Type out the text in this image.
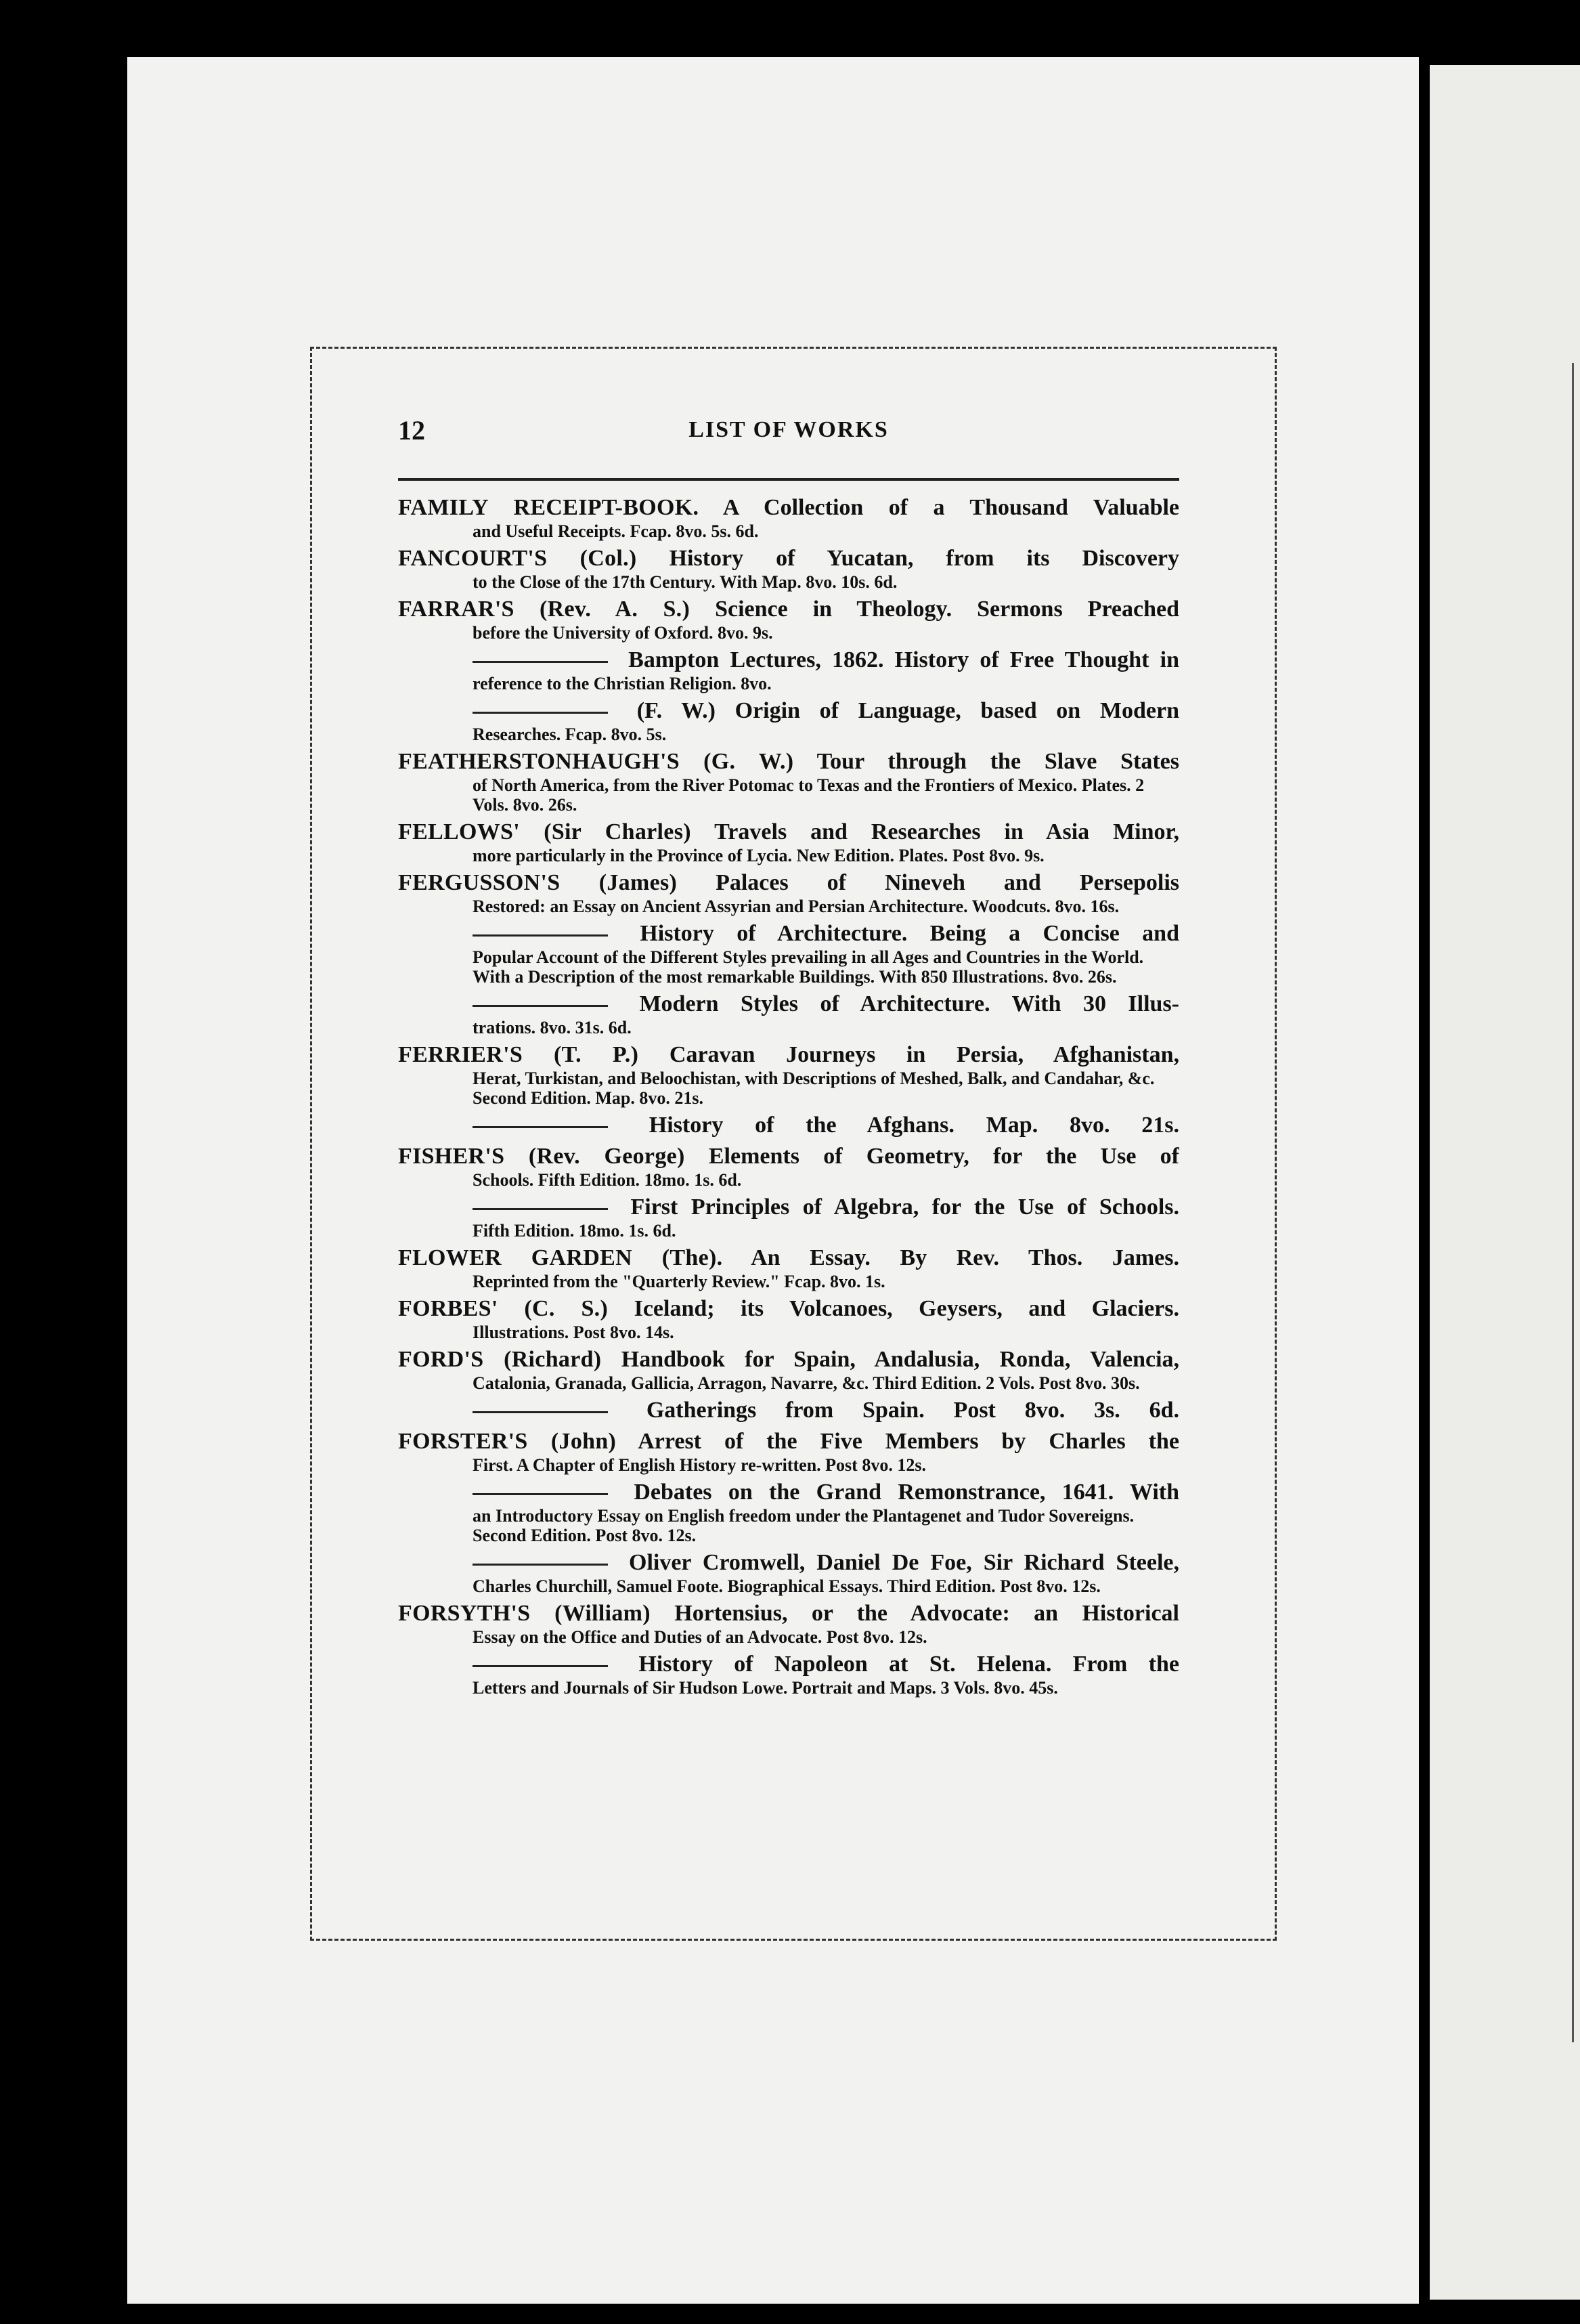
12	LIST OF WORKS
FAMILY RECEIPT-BOOK. A Collection of a Thousand Valuable
and Useful Receipts. Fcap. 8vo. 5s. 6d.
FANCOURT'S (Col.) History of Yucatan, from its Discovery
to the Close of the 17th Century. With Map. 8vo. 10s. 6d.
FARRAR'S (Rev. A. S.) Science in Theology. Sermons Preached
before the University of Oxford. 8vo. 9s.
Bampton Lectures, 1862. History of Free Thought in
reference to the Christian Religion. 8vo.
(F. W.) Origin of Language, based on Modern
Researches. Fcap. 8vo. 5s.
FEATHERSTONHAUGH'S (G. W.) Tour through the Slave States
of North America, from the River Potomac to Texas and the Frontiers of Mexico. Plates. 2 Vols. 8vo. 26s.
FELLOWS' (Sir Charles) Travels and Researches in Asia Minor,
more particularly in the Province of Lycia. New Edition. Plates. Post 8vo. 9s.
FERGUSSON'S (James) Palaces of Nineveh and Persepolis
Restored: an Essay on Ancient Assyrian and Persian Architecture. Woodcuts. 8vo. 16s.
History of Architecture. Being a Concise and
Popular Account of the Different Styles prevailing in all Ages and Countries in the World. With a Description of the most remarkable Buildings. With 850 Illustrations. 8vo. 26s.
Modern Styles of Architecture. With 30 Illus-
trations. 8vo. 31s. 6d.
FERRIER'S (T. P.) Caravan Journeys in Persia, Afghanistan,
Herat, Turkistan, and Beloochistan, with Descriptions of Meshed, Balk, and Candahar, &c. Second Edition. Map. 8vo. 21s.
History of the Afghans. Map. 8vo. 21s.
FISHER'S (Rev. George) Elements of Geometry, for the Use of
Schools. Fifth Edition. 18mo. 1s. 6d.
First Principles of Algebra, for the Use of Schools.
Fifth Edition. 18mo. 1s. 6d.
FLOWER GARDEN (The). An Essay. By Rev. Thos. James.
Reprinted from the "Quarterly Review." Fcap. 8vo. 1s.
FORBES' (C. S.) Iceland; its Volcanoes, Geysers, and Glaciers.
Illustrations. Post 8vo. 14s.
FORD'S (Richard) Handbook for Spain, Andalusia, Ronda, Valencia,
Catalonia, Granada, Gallicia, Arragon, Navarre, &c. Third Edition. 2 Vols. Post 8vo. 30s.
Gatherings from Spain. Post 8vo. 3s. 6d.
FORSTER'S (John) Arrest of the Five Members by Charles the
First. A Chapter of English History re-written. Post 8vo. 12s.
Debates on the Grand Remonstrance, 1641. With
an Introductory Essay on English freedom under the Plantagenet and Tudor Sovereigns. Second Edition. Post 8vo. 12s.
Oliver Cromwell, Daniel De Foe, Sir Richard Steele,
Charles Churchill, Samuel Foote. Biographical Essays. Third Edition. Post 8vo. 12s.
FORSYTH'S (William) Hortensius, or the Advocate: an Historical
Essay on the Office and Duties of an Advocate. Post 8vo. 12s.
History of Napoleon at St. Helena. From the
Letters and Journals of Sir Hudson Lowe. Portrait and Maps. 3 Vols. 8vo. 45s.
